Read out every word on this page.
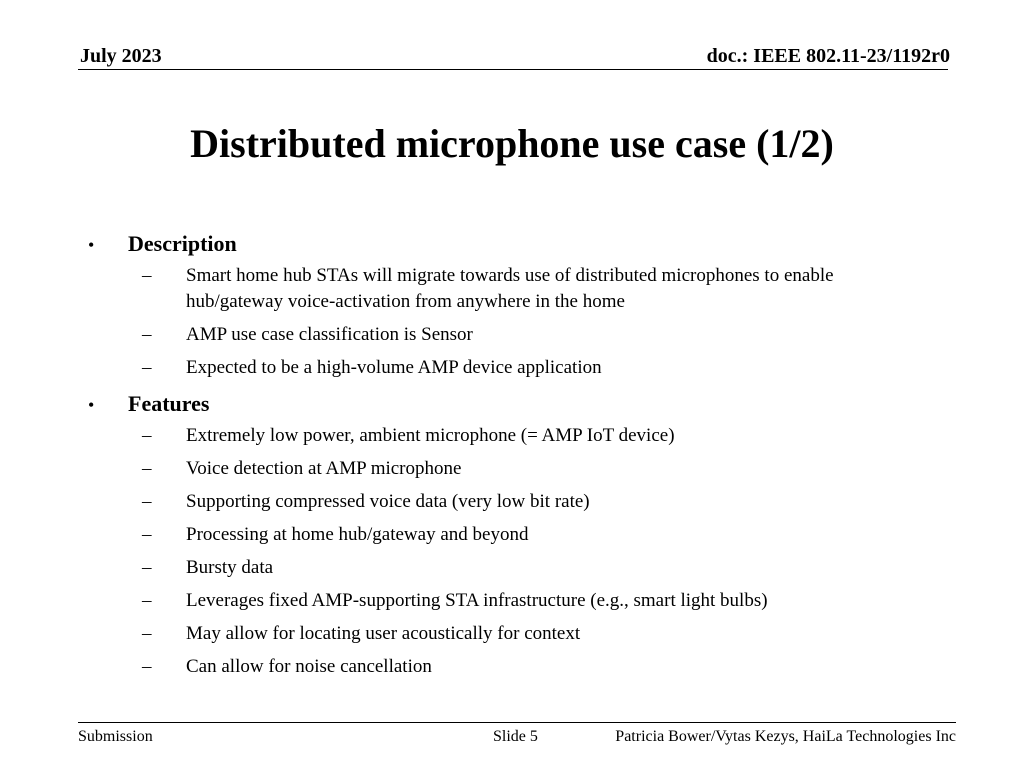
July 2023	doc.: IEEE 802.11-23/1192r0
Distributed microphone use case (1/2)
•	Description
–	Smart home hub STAs will migrate towards use of distributed microphones to enable hub/gateway voice-activation from anywhere in the home
–	AMP use case classification is Sensor
–	Expected to be a high-volume AMP device application
•	Features
–	Extremely low power, ambient microphone (= AMP IoT device)
–	Voice detection at AMP microphone
–	Supporting compressed voice data (very low bit rate)
–	Processing at home hub/gateway and beyond
–	Bursty data
–	Leverages fixed AMP-supporting STA infrastructure (e.g., smart light bulbs)
–	May allow for locating user acoustically for context
–	Can allow for noise cancellation
Submission	Slide 5	Patricia Bower/Vytas Kezys, HaiLa Technologies Inc
